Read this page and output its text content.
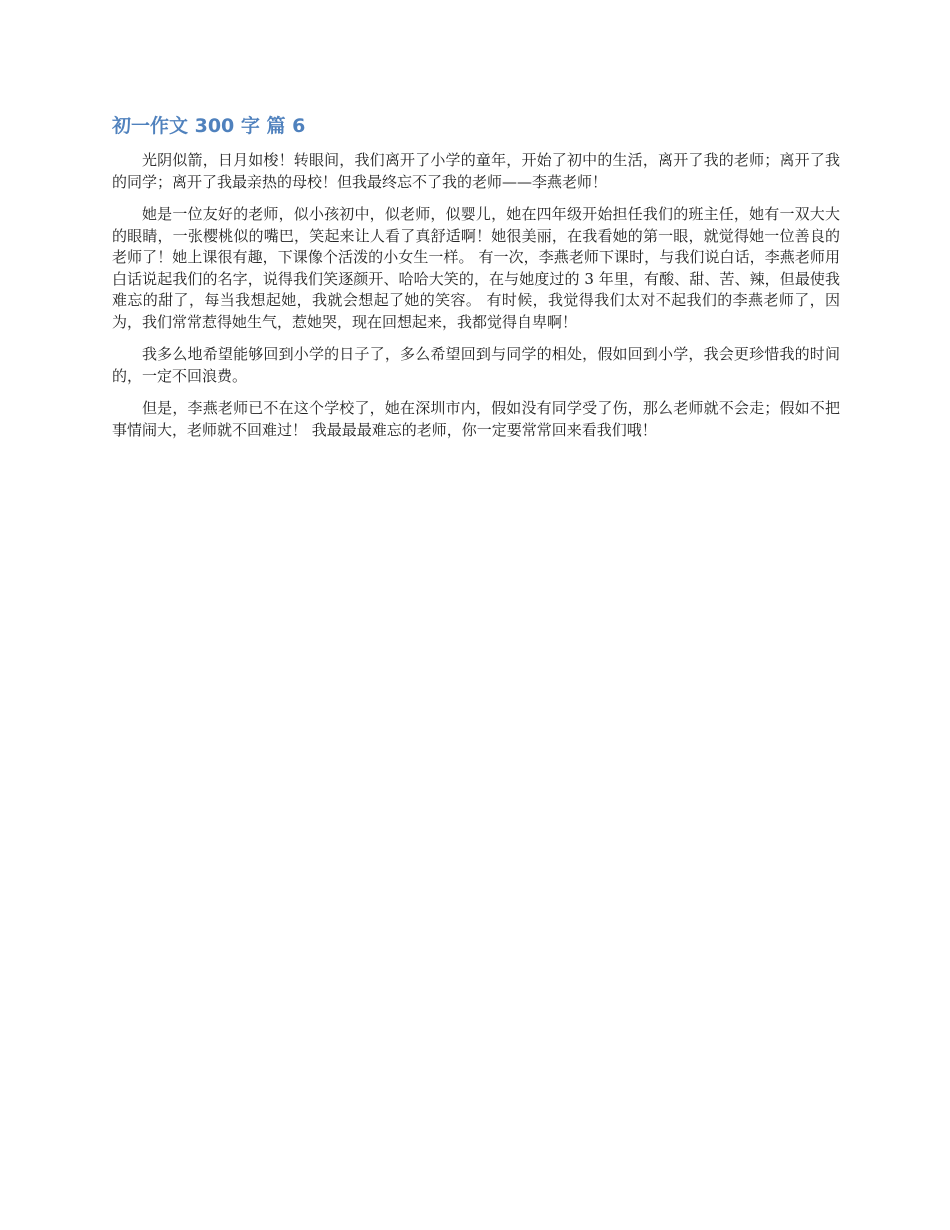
初一作文 300 字 篇 6

光阴似箭，日月如梭！转眼间，我们离开了小学的童年，开始了初中的生活，离开了我的老师；离开了我的同学；离开了我最亲热的母校！但我最终忘不了我的老师——李燕老师！

她是一位友好的老师，似小孩初中，似老师，似婴儿，她在四年级开始担任我们的班主任，她有一双大大的眼睛，一张樱桃似的嘴巴，笑起来让人看了真舒适啊！她很美丽，在我看她的第一眼，就觉得她一位善良的老师了！她上课很有趣，下课像个活泼的小女生一样。 有一次，李燕老师下课时，与我们说白话，李燕老师用白话说起我们的名字，说得我们笑逐颜开、哈哈大笑的，在与她度过的 3 年里，有酸、甜、苦、辣，但最使我难忘的甜了，每当我想起她，我就会想起了她的笑容。 有时候，我觉得我们太对不起我们的李燕老师了，因为，我们常常惹得她生气，惹她哭，现在回想起来，我都觉得自卑啊！

我多么地希望能够回到小学的日子了，多么希望回到与同学的相处，假如回到小学，我会更珍惜我的时间的，一定不回浪费。

但是，李燕老师已不在这个学校了，她在深圳市内，假如没有同学受了伤，那么老师就不会走；假如不把事情闹大，老师就不回难过！ 我最最最难忘的老师，你一定要常常回来看我们哦！
